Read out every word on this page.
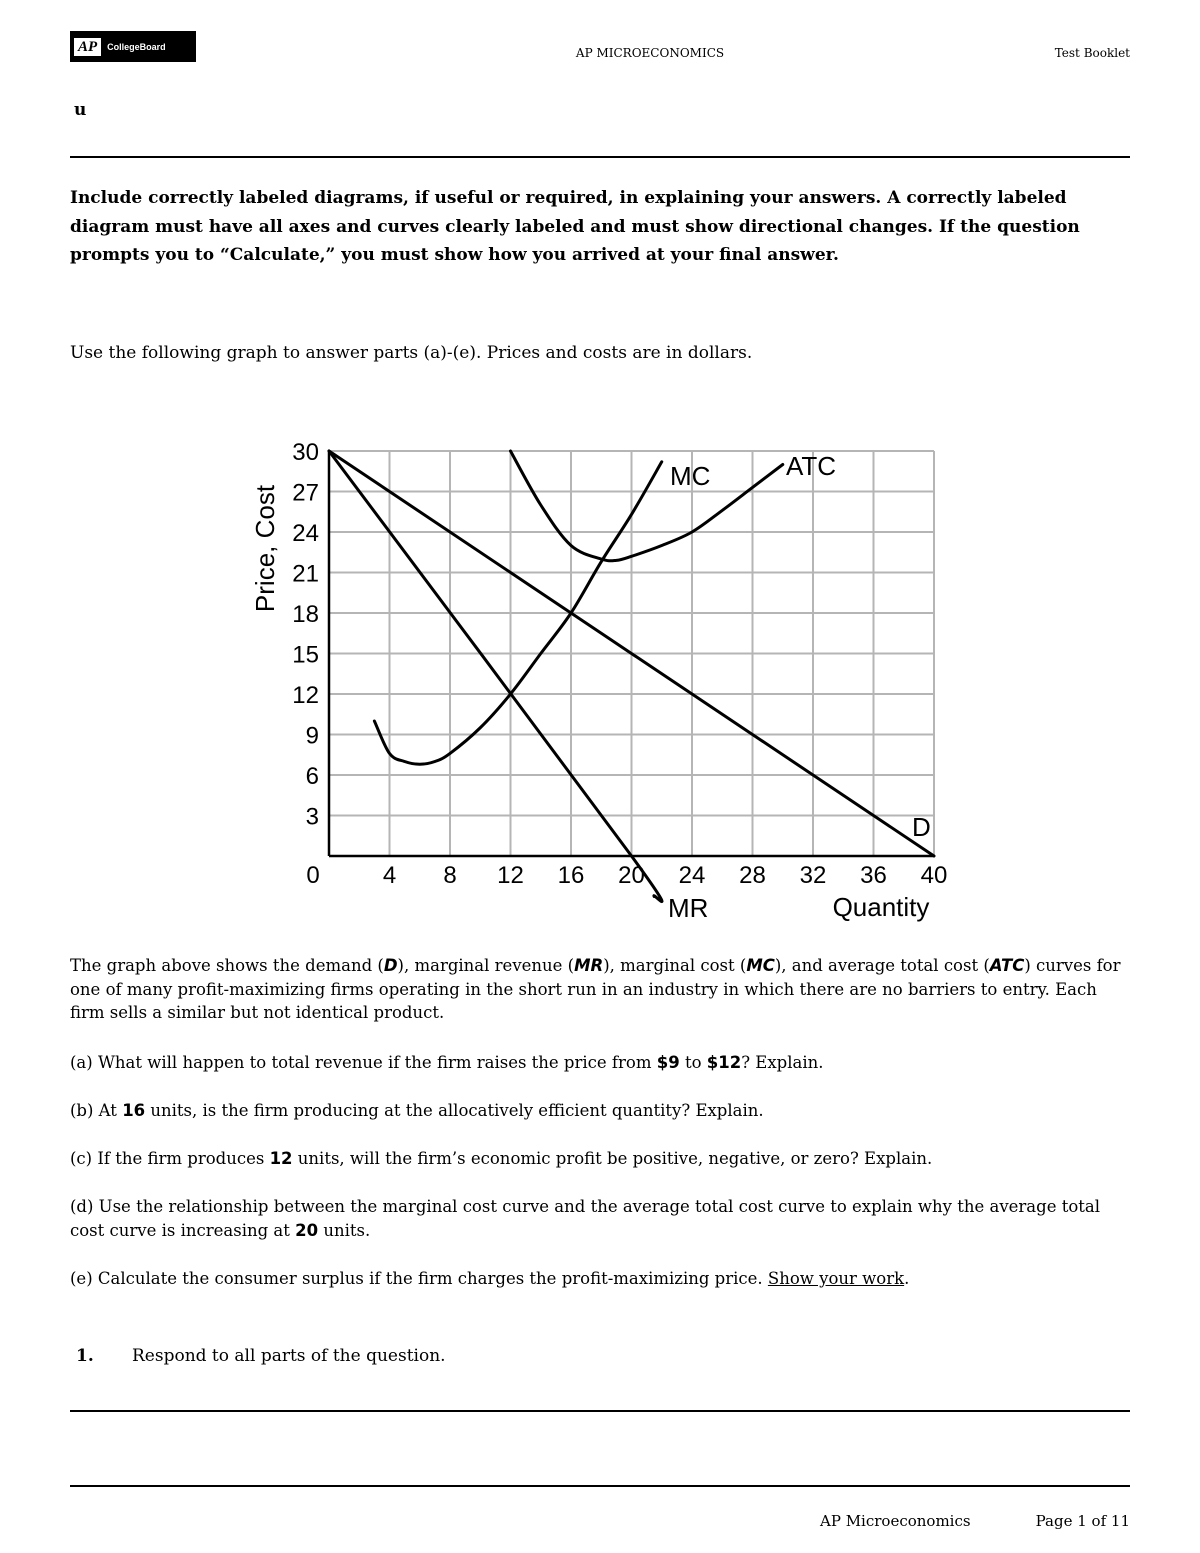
AP	CollegeBoard	AP MICROECONOMICS	Test Booklet
u
Include correctly labeled diagrams, if useful or required, in explaining your answers. A correctly labeled diagram must have all axes and curves clearly labeled and must show directional changes. If the question prompts you to “Calculate,” you must show how you arrived at your final answer.
Use the following graph to answer parts (a)-(e). Prices and costs are in dollars.
0	4 8 12 16 20 24 28 32 36 40
3
6
9
12
15
18
21
24
27
30
Price, Cost
Quantity
D
MR
MC	ATC
The graph above shows the demand (D), marginal revenue (MR), marginal cost (MC), and average total cost (ATC) curves for one of many profit-maximizing firms operating in the short run in an industry in which there are no barriers to entry. Each firm sells a similar but not identical product.
(a) What will happen to total revenue if the firm raises the price from $9 to $12? Explain.
(b) At 16 units, is the firm producing at the allocatively efficient quantity? Explain.
(c) If the firm produces 12 units, will the firm’s economic profit be positive, negative, or zero? Explain.
(d) Use the relationship between the marginal cost curve and the average total cost curve to explain why the average total cost curve is increasing at 20 units.
(e) Calculate the consumer surplus if the firm charges the profit-maximizing price. Show your work.
1. Respond to all parts of the question.
AP Microeconomics	Page 1 of 11
